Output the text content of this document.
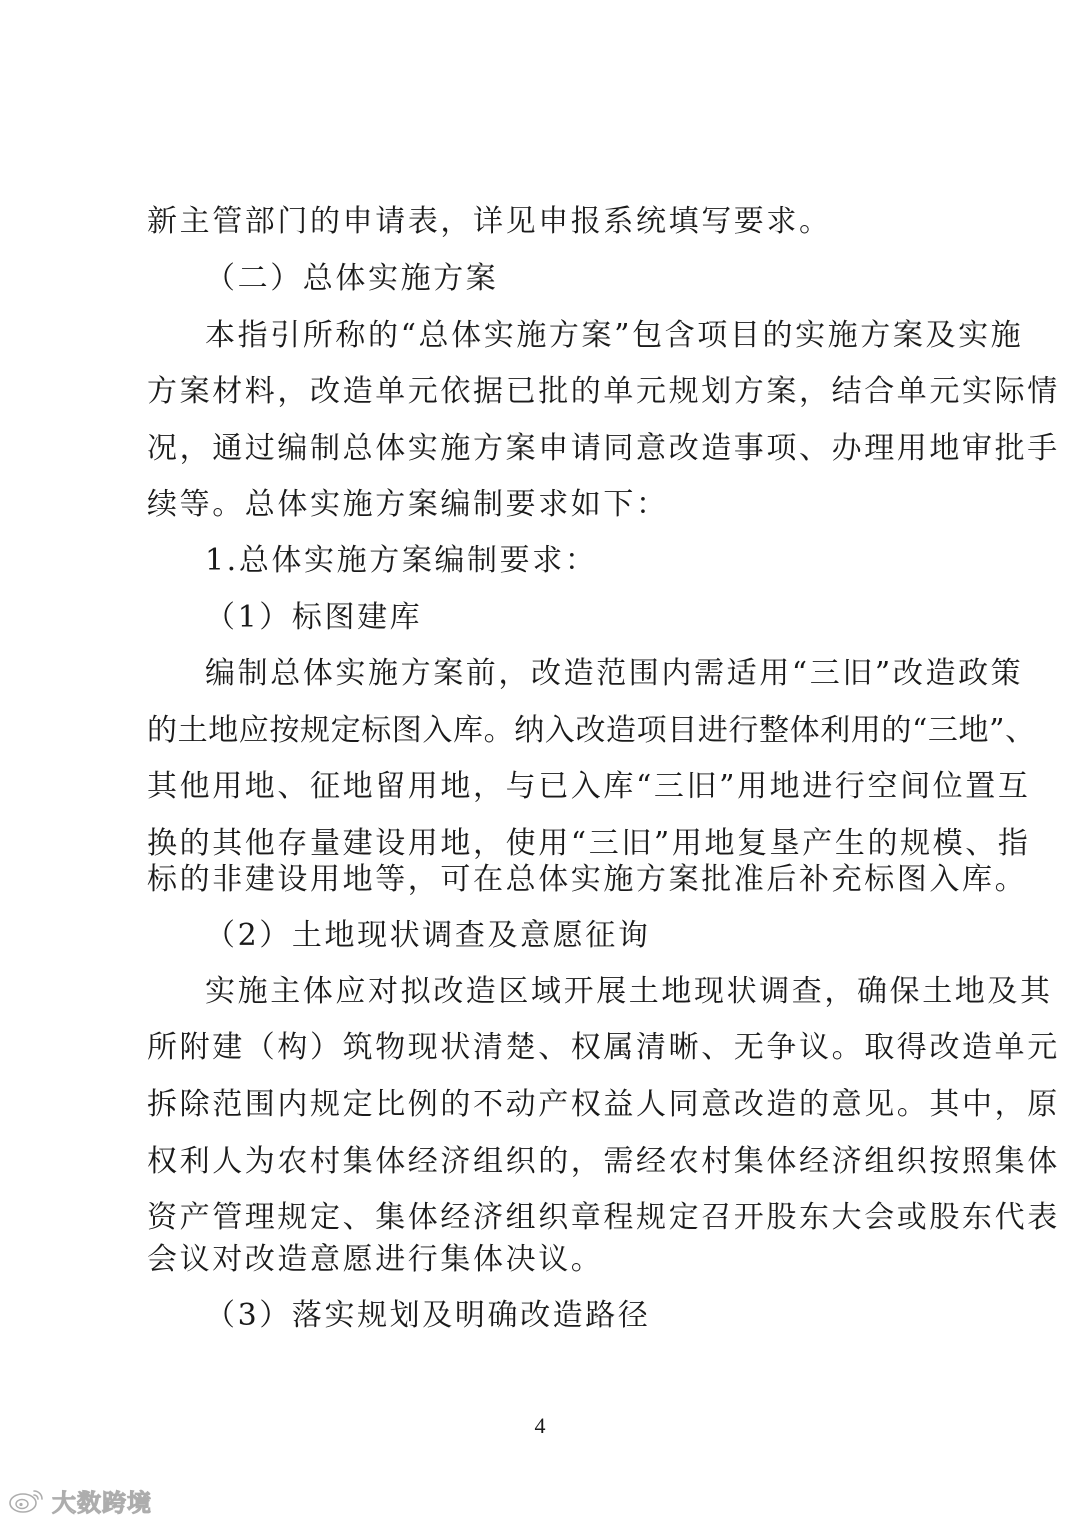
新主管部门的申请表，详见申报系统填写要求。
（二）总体实施方案
本指引所称的“总体实施方案”包含项目的实施方案及实施
方案材料，改造单元依据已批的单元规划方案，结合单元实际情
况，通过编制总体实施方案申请同意改造事项、办理用地审批手
续等。总体实施方案编制要求如下：
1.总体实施方案编制要求：
（1）标图建库
编制总体实施方案前，改造范围内需适用“三旧”改造政策
的土地应按规定标图入库。纳入改造项目进行整体利用的“三地”、
其他用地、征地留用地，与已入库“三旧”用地进行空间位置互
换的其他存量建设用地，使用“三旧”用地复垦产生的规模、指
标的非建设用地等，可在总体实施方案批准后补充标图入库。
（2）土地现状调查及意愿征询
实施主体应对拟改造区域开展土地现状调查，确保土地及其
所附建（构）筑物现状清楚、权属清晰、无争议。取得改造单元
拆除范围内规定比例的不动产权益人同意改造的意见。其中，原
权利人为农村集体经济组织的，需经农村集体经济组织按照集体
资产管理规定、集体经济组织章程规定召开股东大会或股东代表
会议对改造意愿进行集体决议。
（3）落实规划及明确改造路径
4
大数跨境
